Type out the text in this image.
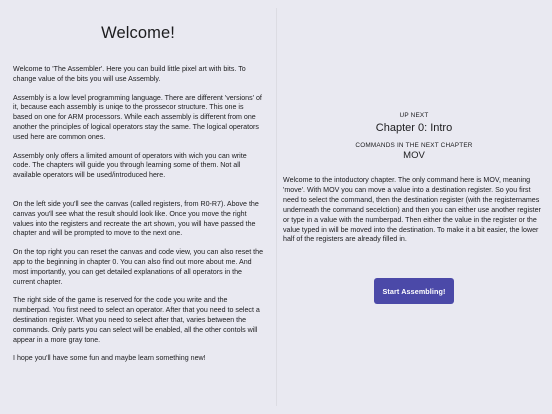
Welcome!

Welcome to 'The Assembler'. Here you can build little pixel art with bits. To change value of the bits you will use Assembly.

Assembly is a low level programming language. There are different 'versions' of it, because each assembly is uniqe to the prossecor structure. This one is based on one for ARM processors. While each assembly is different from one another the principles of logical operators stay the same. The logical operators used here are common ones.

Assembly only offers a limited amount of operators with wich you can write code. The chapters will guide you through learning some of them. Not all available operators will be used/introduced here.

On the left side you'll see the canvas (called registers, from R0-R7). Above the canvas you'll see what the result should look like. Once you move the right values into the registers and recreate the art shown, you will have passed the chapter and will be prompted to move to the next one.

On the top right you can reset the canvas and code view, you can also reset the app to the beginning in chapter 0. You can also find out more about me. And most importantly, you can get detailed explanations of all operators in the current chapter.

The right side of the game is reserved for the code you write and the numberpad. You first need to select an operator. After that you need to select a destination register. What you need to select after that, varies between the commands. Only parts you can select will be enabled, all the other contols will appear in a more gray tone.

I hope you'll have some fun and maybe learn something new!

UP NEXT
Chapter 0: Intro
COMMANDS IN THE NEXT CHAPTER
MOV

Welcome to the intoductory chapter. The only command here is MOV, meaning 'move'. With MOV you can move a value into a destination register. So you first need to select the command, then the destination register (with the registernames underneath the command secelction) and then you can either use another register or type in a value with the numberpad. Then either the value in the register or the value typed in will be moved into the destination. To make it a bit easier, the lower half of the registers are already filled in.

Start Assembling!
